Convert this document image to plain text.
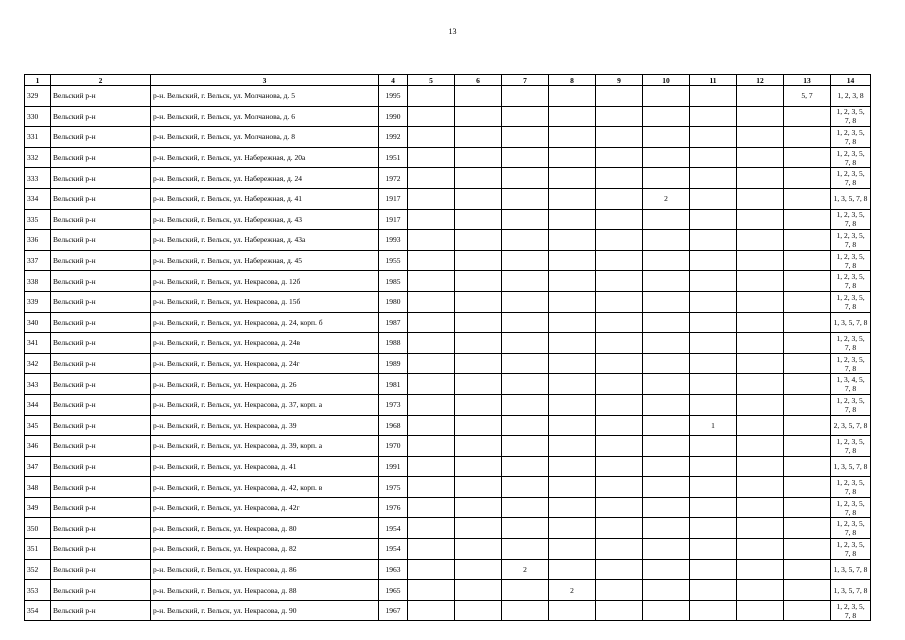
13
1	2	3	4	5	6	7	8	9	10	11	12	13	14
329	Вельский р-н	р-н. Вельский, г. Вельск, ул. Молчанова, д. 5	1995									5, 7	1, 2, 3, 8
330	Вельский р-н	р-н. Вельский, г. Вельск, ул. Молчанова, д. 6	1990										1, 2, 3, 5, 7, 8
331	Вельский р-н	р-н. Вельский, г. Вельск, ул. Молчанова, д. 8	1992										1, 2, 3, 5, 7, 8
332	Вельский р-н	р-н. Вельский, г. Вельск, ул. Набережная, д. 20а	1951										1, 2, 3, 5, 7, 8
333	Вельский р-н	р-н. Вельский, г. Вельск, ул. Набережная, д. 24	1972										1, 2, 3, 5, 7, 8
334	Вельский р-н	р-н. Вельский, г. Вельск, ул. Набережная, д. 41	1917						2				1, 3, 5, 7, 8
335	Вельский р-н	р-н. Вельский, г. Вельск, ул. Набережная, д. 43	1917										1, 2, 3, 5, 7, 8
336	Вельский р-н	р-н. Вельский, г. Вельск, ул. Набережная, д. 43а	1993										1, 2, 3, 5, 7, 8
337	Вельский р-н	р-н. Вельский, г. Вельск, ул. Набережная, д. 45	1955										1, 2, 3, 5, 7, 8
338	Вельский р-н	р-н. Вельский, г. Вельск, ул. Некрасова, д. 12б	1985										1, 2, 3, 5, 7, 8
339	Вельский р-н	р-н. Вельский, г. Вельск, ул. Некрасова, д. 15б	1980										1, 2, 3, 5, 7, 8
340	Вельский р-н	р-н. Вельский, г. Вельск, ул. Некрасова, д. 24, корп. б	1987										1, 3, 5, 7, 8
341	Вельский р-н	р-н. Вельский, г. Вельск, ул. Некрасова, д. 24в	1988										1, 2, 3, 5, 7, 8
342	Вельский р-н	р-н. Вельский, г. Вельск, ул. Некрасова, д. 24г	1989										1, 2, 3, 5, 7, 8
343	Вельский р-н	р-н. Вельский, г. Вельск, ул. Некрасова, д. 26	1981										1, 3, 4, 5, 7, 8
344	Вельский р-н	р-н. Вельский, г. Вельск, ул. Некрасова, д. 37, корп. а	1973										1, 2, 3, 5, 7, 8
345	Вельский р-н	р-н. Вельский, г. Вельск, ул. Некрасова, д. 39	1968							1			2, 3, 5, 7, 8
346	Вельский р-н	р-н. Вельский, г. Вельск, ул. Некрасова, д. 39, корп. а	1970										1, 2, 3, 5, 7, 8
347	Вельский р-н	р-н. Вельский, г. Вельск, ул. Некрасова, д. 41	1991										1, 3, 5, 7, 8
348	Вельский р-н	р-н. Вельский, г. Вельск, ул. Некрасова, д. 42, корп. в	1975										1, 2, 3, 5, 7, 8
349	Вельский р-н	р-н. Вельский, г. Вельск, ул. Некрасова, д. 42г	1976										1, 2, 3, 5, 7, 8
350	Вельский р-н	р-н. Вельский, г. Вельск, ул. Некрасова, д. 80	1954										1, 2, 3, 5, 7, 8
351	Вельский р-н	р-н. Вельский, г. Вельск, ул. Некрасова, д. 82	1954										1, 2, 3, 5, 7, 8
352	Вельский р-н	р-н. Вельский, г. Вельск, ул. Некрасова, д. 86	1963			2							1, 3, 5, 7, 8
353	Вельский р-н	р-н. Вельский, г. Вельск, ул. Некрасова, д. 88	1965				2						1, 3, 5, 7, 8
354	Вельский р-н	р-н. Вельский, г. Вельск, ул. Некрасова, д. 90	1967										1, 2, 3, 5, 7, 8
